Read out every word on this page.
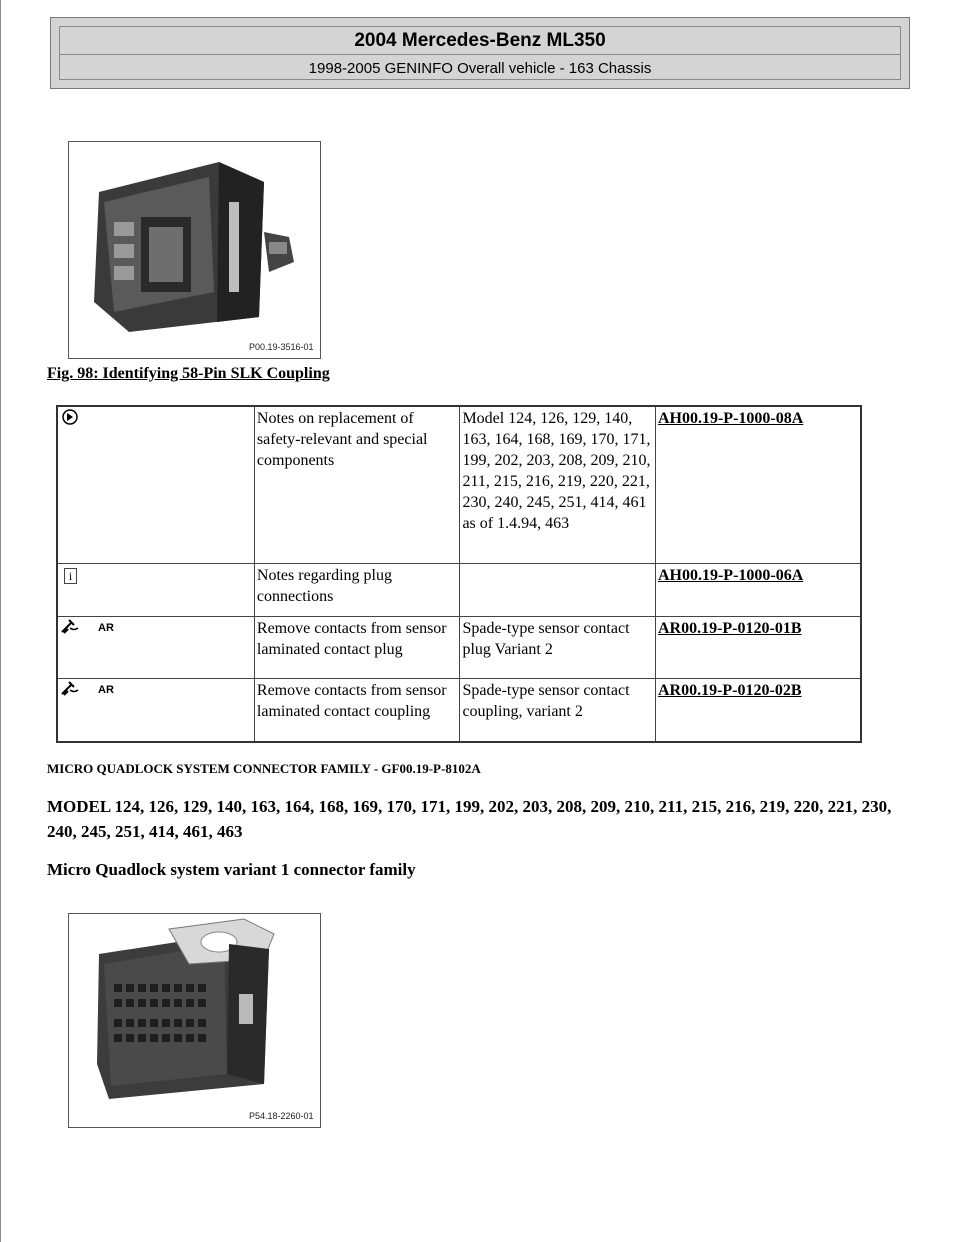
2004 Mercedes-Benz ML350
1998-2005 GENINFO Overall vehicle - 163 Chassis
P00.19-3516-01
Fig. 98: Identifying 58-Pin SLK Coupling
	Notes on replacement of safety-relevant and special components	Model 124, 126, 129, 140, 163, 164, 168, 169, 170, 171, 199, 202, 203, 208, 209, 210, 211, 215, 216, 219, 220, 221, 230, 240, 245, 251, 414, 461 as of 1.4.94, 463	AH00.19-P-1000-08A
i	Notes regarding plug connections		AH00.19-P-1000-06A
$^{AR}$	Remove contacts from sensor laminated contact plug	Spade-type sensor contact plug Variant 2	AR00.19-P-0120-01B
$^{AR}$	Remove contacts from sensor laminated contact coupling	Spade-type sensor contact coupling, variant 2	AR00.19-P-0120-02B
MICRO QUADLOCK SYSTEM CONNECTOR FAMILY - GF00.19-P-8102A
MODEL 124, 126, 129, 140, 163, 164, 168, 169, 170, 171, 199, 202, 203, 208, 209, 210, 211, 215, 216, 219, 220, 221, 230, 240, 245, 251, 414, 461, 463
Micro Quadlock system variant 1 connector family
P54.18-2260-01
